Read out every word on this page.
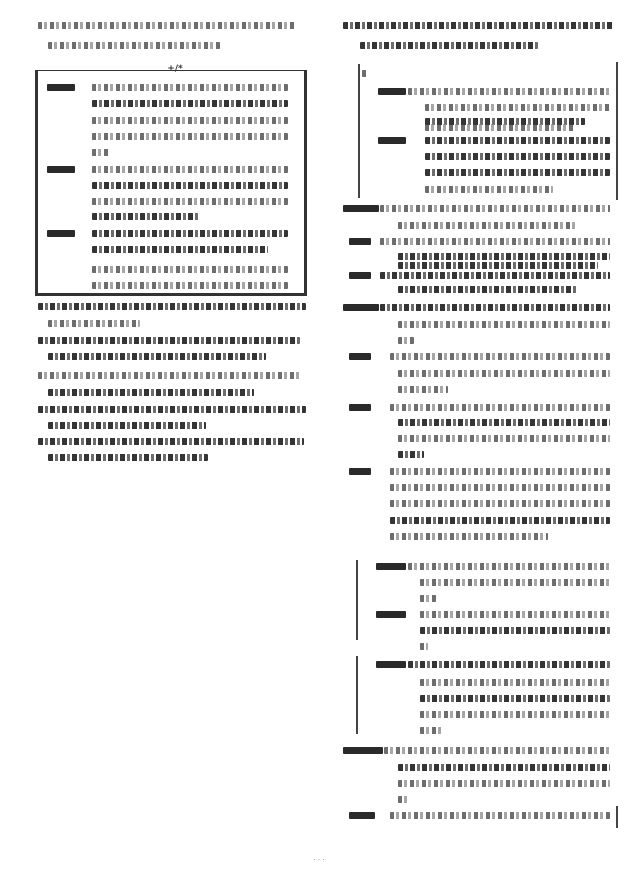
+/*
...
